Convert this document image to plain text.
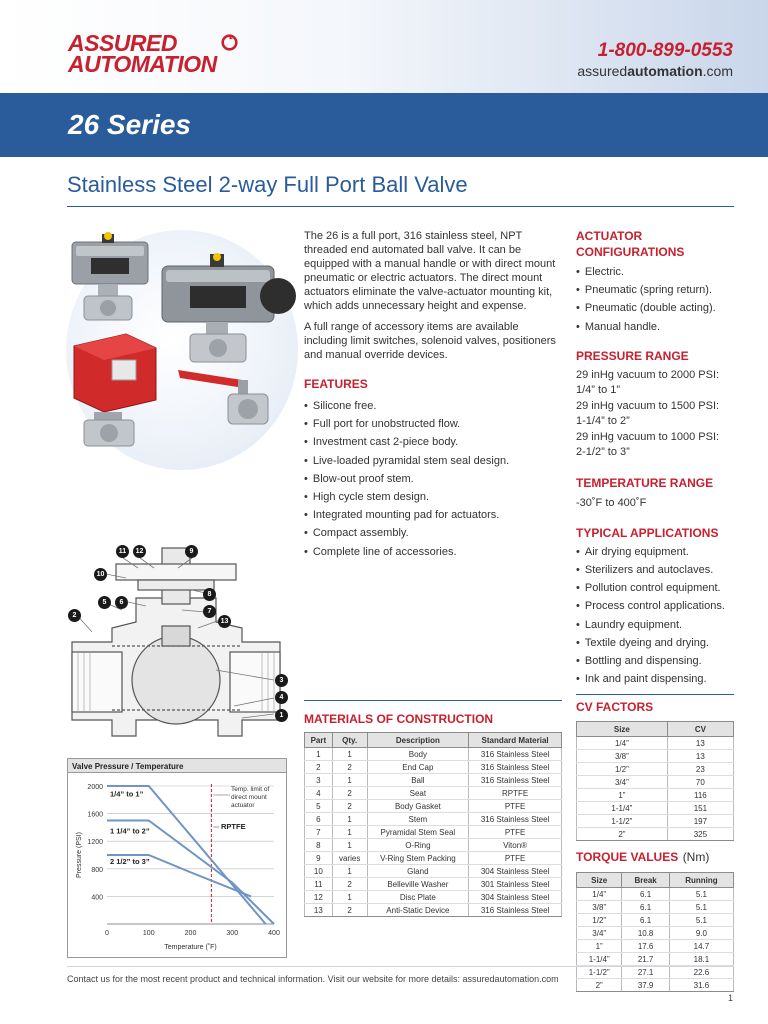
ASSURED
AUTOMATION
1-800-899-0553
assuredautomation.com
26 Series
Stainless Steel 2-way Full Port Ball Valve
11	12	9
10
8
5	6
7
2
13
3
4
1

The 26 is a full port, 316 stainless steel, NPT threaded end automated ball valve. It can be equipped with a manual handle or with direct mount pneumatic or electric actuators. The direct mount actuators eliminate the valve-actuator mounting kit, which adds unnecessary height and expense.

A full range of accessory items are available including limit switches, solenoid valves, positioners and manual override devices.

FEATURES
• Silicone free.
• Full port for unobstructed flow.
• Investment cast 2-piece body.
• Live-loaded pyramidal stem seal design.
• Blow-out proof stem.
• High cycle stem design.
• Integrated mounting pad for actuators.
• Compact assembly.
• Complete line of accessories.
ACTUATOR
CONFIGURATIONS
• Electric.
• Pneumatic (spring return).
• Pneumatic (double acting).
• Manual handle.
PRESSURE RANGE
29 inHg vacuum to 2000 PSI:
1/4” to 1”
29 inHg vacuum to 1500 PSI:
1-1/4” to 2”
29 inHg vacuum to 1000 PSI:
2-1/2” to 3”
TEMPERATURE RANGE
-30˚F to 400˚F
TYPICAL APPLICATIONS
• Air drying equipment.
• Sterilizers and autoclaves.
• Pollution control equipment.
• Process control applications.
• Laundry equipment.
• Textile dyeing and drying.
• Bottling and dispensing.
• Ink and paint dispensing.
MATERIALS OF CONSTRUCTION
Part	Qty.	Description	Standard Material
1	1	Body	316 Stainless Steel
2	2	End Cap	316 Stainless Steel
3	1	Ball	316 Stainless Steel
4	2	Seat	RPTFE
5	2	Body Gasket	PTFE
6	1	Stem	316 Stainless Steel
7	1	Pyramidal Stem Seal	PTFE
8	1	O-Ring	Viton®
9	varies	V-Ring Stem Packing	PTFE
10	1	Gland	304 Stainless Steel
11	2	Belleville Washer	301 Stainless Steel
12	1	Disc Plate	304 Stainless Steel
13	2	Anti-Static Device	316 Stainless Steel
CV FACTORS
Size	CV
1/4”	13
3/8”	13
1/2”	23
3/4”	70
1”	116
1-1/4”	151
1-1/2”	197
2”	325
TORQUE VALUES (Nm)
Size	Break	Running
1/4”	6.1	5.1
3/8”	6.1	5.1
1/2”	6.1	5.1
3/4”	10.8	9.0
1”	17.6	14.7
1-1/4”	21.7	18.1
1-1/2”	27.1	22.6
2”	37.9	31.6
Valve Pressure / Temperature
400
800
1200
1600
2000
0	100	200	300	400
Temperature (˚F)
Pressure (PSI)
1/4” to 1”
1 1/4” to 2”
2 1/2” to 3”
Temp. limit of direct mount actuator
RPTFE
Contact us for the most recent product and technical information. Visit our website for more details: assuredautomation.com
1
